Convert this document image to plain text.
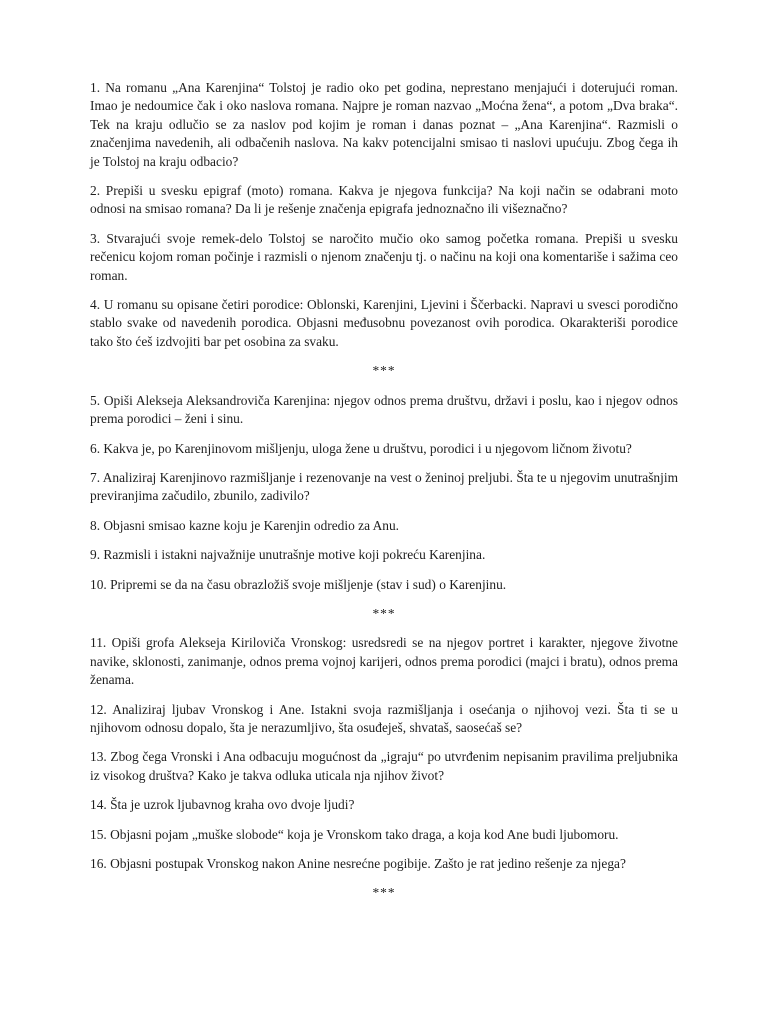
1. Na romanu „Ana Karenjina“ Tolstoj je radio oko pet godina, neprestano menjajući i doterujući roman. Imao je nedoumice čak i oko naslova romana. Najpre je roman nazvao „Moćna žena“, a potom „Dva braka“. Tek na kraju odlučio se za naslov pod kojim je roman i danas poznat – „Ana Karenjina“. Razmisli o značenjima navedenih, ali odbačenih naslova. Na kakv potencijalni smisao ti naslovi upućuju. Zbog čega ih je Tolstoj na kraju odbacio?

2. Prepiši u svesku epigraf (moto) romana. Kakva je njegova funkcija? Na koji način se odabrani moto odnosi na smisao romana? Da li je rešenje značenja epigrafa jednoznačno ili višeznačno?

3. Stvarajući svoje remek-delo Tolstoj se naročito mučio oko samog početka romana. Prepiši u svesku rečenicu kojom roman počinje i razmisli o njenom značenju tj. o načinu na koji ona komentariše i sažima ceo roman.

4. U romanu su opisane četiri porodice: Oblonski, Karenjini, Ljevini i Ščerbacki. Napravi u svesci porodično stablo svake od navedenih porodica. Objasni međusobnu povezanost ovih porodica. Okarakteriši porodice tako što ćeš izdvojiti bar pet osobina za svaku.

***

5. Opiši Alekseja Aleksandroviča Karenjina: njegov odnos prema društvu, državi i poslu, kao i njegov odnos prema porodici – ženi i sinu.

6. Kakva je, po Karenjinovom mišljenju, uloga žene u društvu, porodici i u njegovom ličnom životu?

7. Analiziraj Karenjinovo razmišljanje i rezenovanje na vest o ženinoj preljubi. Šta te u njegovim unutrašnjim previranjima začudilo, zbunilo, zadivilo?

8. Objasni smisao kazne koju je Karenjin odredio za Anu.

9. Razmisli i istakni najvažnije unutrašnje motive koji pokreću Karenjina.

10. Pripremi se da na času obrazložiš svoje mišljenje (stav i sud) o Karenjinu.

***

11. Opiši grofa Alekseja Kiriloviča Vronskog: usredsredi se na njegov portret i karakter, njegove životne navike, sklonosti, zanimanje, odnos prema vojnoj karijeri, odnos prema porodici (majci i bratu), odnos prema ženama.

12. Analiziraj ljubav Vronskog i Ane. Istakni svoja razmišljanja i osećanja o njihovoj vezi. Šta ti se u njihovom odnosu dopalo, šta je nerazumljivo, šta osuđeješ, shvataš, saosećaš se?

13. Zbog čega Vronski i Ana odbacuju mogućnost da „igraju“ po utvrđenim nepisanim pravilima preljubnika iz visokog društva? Kako je takva odluka uticala nja njihov život?

14. Šta je uzrok ljubavnog kraha ovo dvoje ljudi?

15. Objasni pojam „muške slobode“ koja je Vronskom tako draga, a koja kod Ane budi ljubomoru.

16. Objasni postupak Vronskog nakon Anine nesrećne pogibije. Zašto je rat jedino rešenje za njega?

***
